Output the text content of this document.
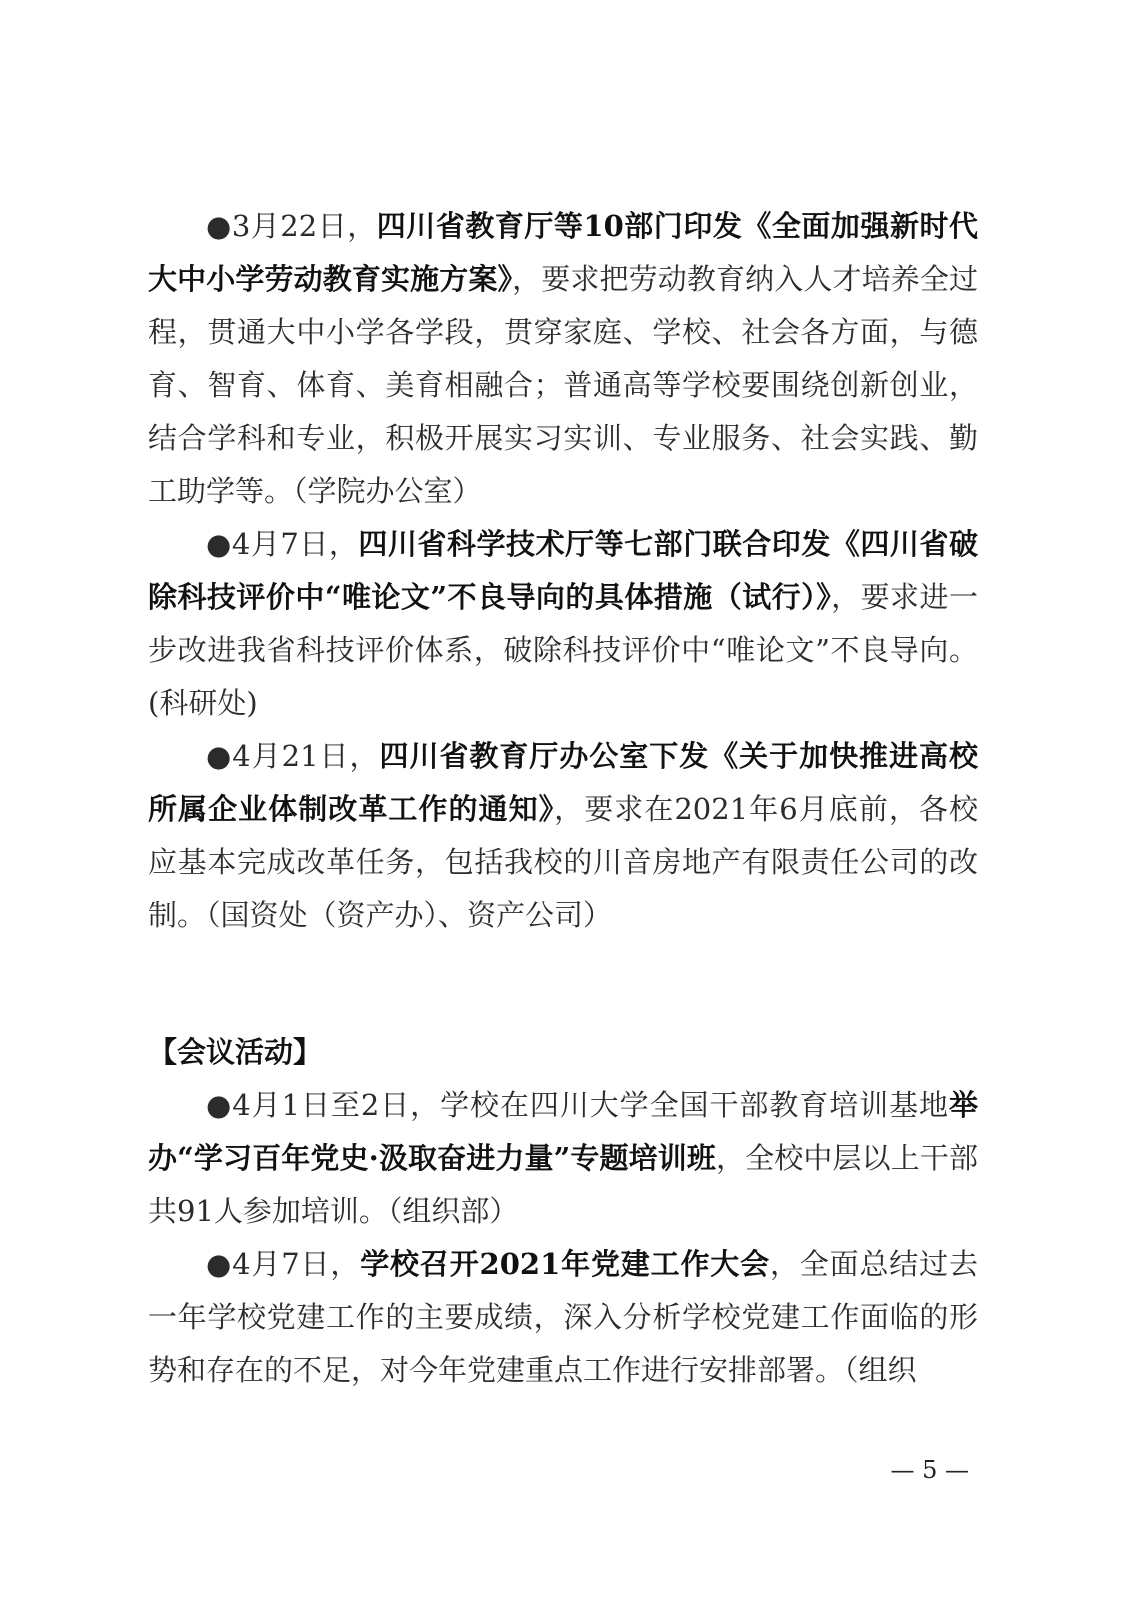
●3月22日，四川省教育厅等10部门印发《全面加强新时代大中小学劳动教育实施方案》，要求把劳动教育纳入人才培养全过程，贯通大中小学各学段，贯穿家庭、学校、社会各方面，与德育、智育、体育、美育相融合；普通高等学校要围绕创新创业，结合学科和专业，积极开展实习实训、专业服务、社会实践、勤工助学等。（学院办公室）

●4月7日，四川省科学技术厅等七部门联合印发《四川省破除科技评价中“唯论文”不良导向的具体措施（试行）》，要求进一步改进我省科技评价体系，破除科技评价中“唯论文”不良导向。(科研处)

●4月21日，四川省教育厅办公室下发《关于加快推进高校所属企业体制改革工作的通知》，要求在2021年6月底前，各校应基本完成改革任务，包括我校的川音房地产有限责任公司的改制。（国资处（资产办）、资产公司）

【会议活动】

●4月1日至2日，学校在四川大学全国干部教育培训基地举办“学习百年党史·汲取奋进力量”专题培训班，全校中层以上干部共91人参加培训。（组织部）

●4月7日，学校召开2021年党建工作大会，全面总结过去一年学校党建工作的主要成绩，深入分析学校党建工作面临的形势和存在的不足，对今年党建重点工作进行安排部署。（组织

— 5 —
